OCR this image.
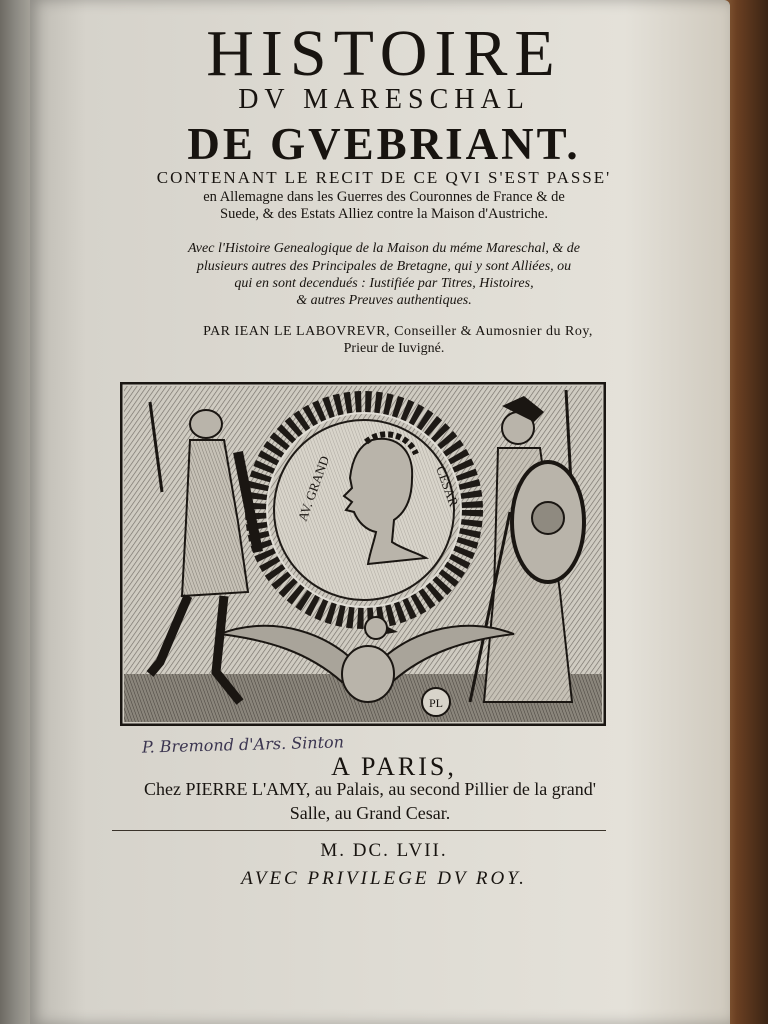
HISTOIRE
DV MARESCHAL
DE GVEBRIANT.
CONTENANT LE RECIT DE CE QVI S'EST PASSE'
en Allemagne dans les Guerres des Couronnes de France & de
Suede, & des Estats Alliez contre la Maison d'Austriche.
Avec l'Histoire Genealogique de la Maison du méme Mareschal, & de
plusieurs autres des Principales de Bretagne, qui y sont Alliées, ou
qui en sont decendués : Iustifiée par Titres, Histoires,
& autres Preuves authentiques.
PAR IEAN LE LABOVREVR, Conseiller & Aumosnier du Roy,
Prieur de Iuvigné.
AV. GRAND	CESAR
PL
P. Bremond d'Ars. Sinton
A PARIS,
Chez PIERRE L'AMY, au Palais, au second Pillier de la grand'
Salle, au Grand Cesar.
M. DC. LVII.
AVEC PRIVILEGE DV ROY.
